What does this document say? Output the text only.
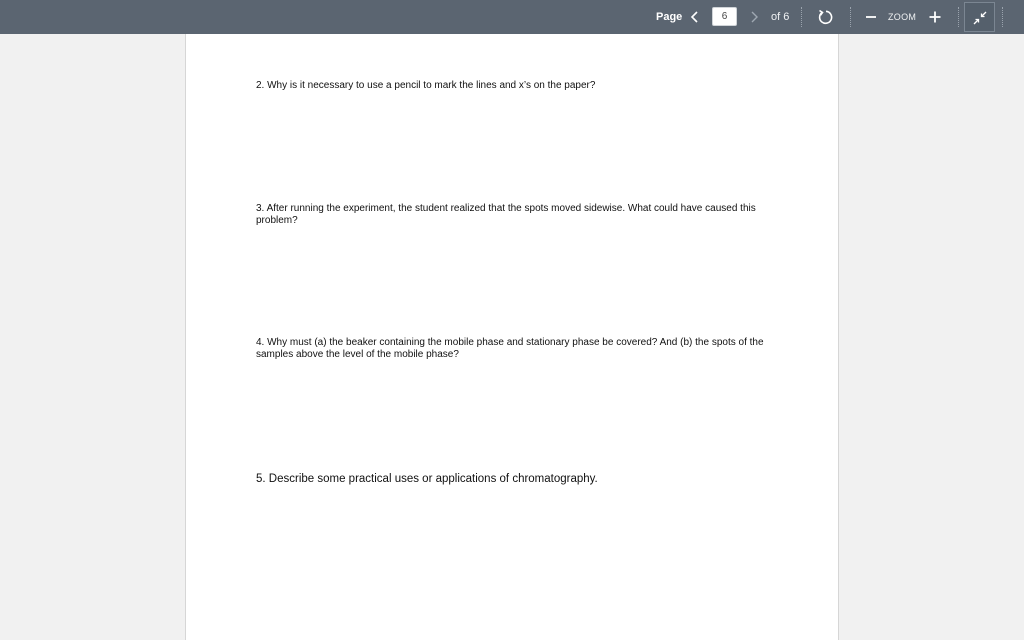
Page
6	of 6	ZOOM
2. Why is it necessary to use a pencil to mark the lines and x’s on the paper?
3. After running the experiment, the student realized that the spots moved sidewise. What could have caused this problem?
4. Why must (a) the beaker containing the mobile phase and stationary phase be covered? And (b) the spots of the samples above the level of the mobile phase?
5. Describe some practical uses or applications of chromatography.
